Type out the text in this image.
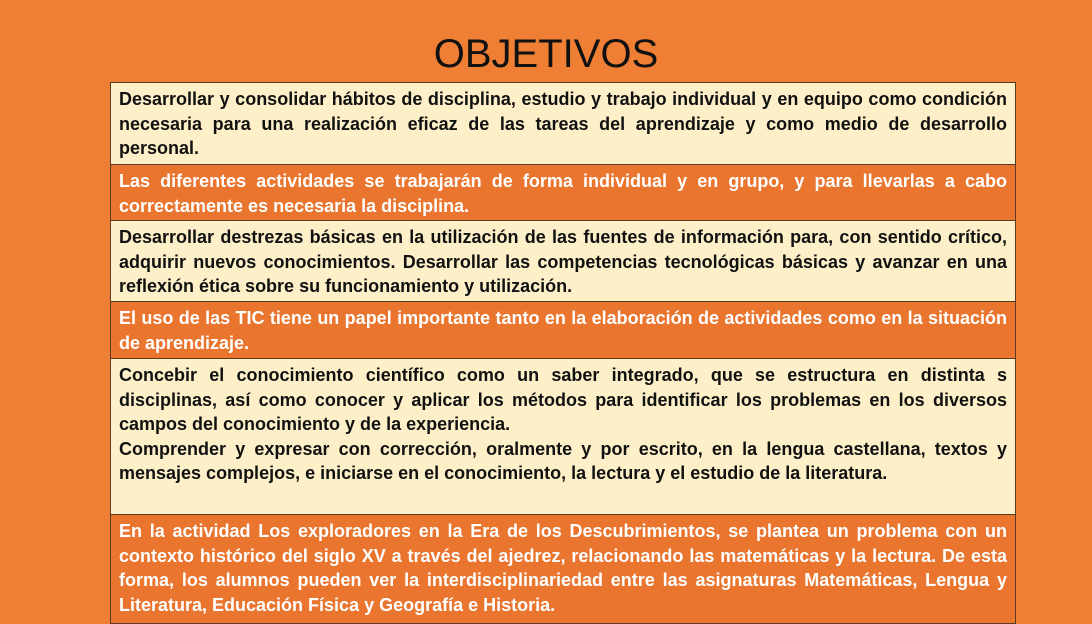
OBJETIVOS

Desarrollar y consolidar hábitos de disciplina, estudio y trabajo individual y en equipo como condición necesaria para una realización eficaz de las tareas del aprendizaje y como medio de desarrollo personal.

Las diferentes actividades se trabajarán de forma individual y en grupo, y para llevarlas a cabo correctamente es necesaria la disciplina.

Desarrollar destrezas básicas en la utilización de las fuentes de información para, con sentido crítico, adquirir nuevos conocimientos. Desarrollar las competencias tecnológicas básicas y avanzar en una reflexión ética sobre su funcionamiento y utilización.

El uso de las TIC tiene un papel importante tanto en la elaboración de actividades como en la situación de aprendizaje.

Concebir el conocimiento científico como un saber integrado, que se estructura en distinta s disciplinas, así como conocer y aplicar los métodos para identificar los problemas en los diversos campos del conocimiento y de la experiencia.

Comprender y expresar con corrección, oralmente y por escrito, en la lengua castellana, textos y mensajes complejos, e iniciarse en el conocimiento, la lectura y el estudio de la literatura.

En la actividad Los exploradores en la Era de los Descubrimientos, se plantea un problema con un contexto histórico del siglo XV a través del ajedrez, relacionando las matemáticas y la lectura. De esta forma, los alumnos pueden ver la interdisciplinariedad entre las asignaturas Matemáticas, Lengua y Literatura, Educación Física y Geografía e Historia.
